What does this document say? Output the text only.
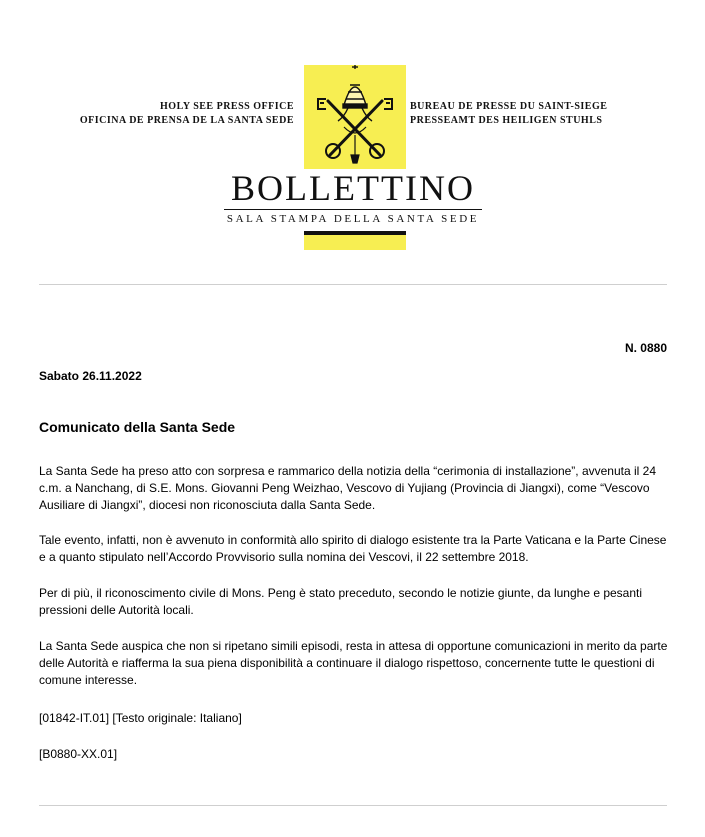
HOLY SEE PRESS OFFICE
OFICINA DE PRENSA DE LA SANTA SEDE
BUREAU DE PRESSE DU SAINT-SIEGE
PRESSEAMT DES HEILIGEN STUHLS
BOLLETTINO
SALA STAMPA DELLA SANTA SEDE
N. 0880
Sabato 26.11.2022
Comunicato della Santa Sede
La Santa Sede ha preso atto con sorpresa e rammarico della notizia della “cerimonia di installazione”, avvenuta il 24 c.m. a Nanchang, di S.E. Mons. Giovanni Peng Weizhao, Vescovo di Yujiang (Provincia di Jiangxi), come “Vescovo Ausiliare di Jiangxi”, diocesi non riconosciuta dalla Santa Sede.
Tale evento, infatti, non è avvenuto in conformità allo spirito di dialogo esistente tra la Parte Vaticana e la Parte Cinese e a quanto stipulato nell’Accordo Provvisorio sulla nomina dei Vescovi, il 22 settembre 2018.
Per di più, il riconoscimento civile di Mons. Peng è stato preceduto, secondo le notizie giunte, da lunghe e pesanti pressioni delle Autorità locali.
La Santa Sede auspica che non si ripetano simili episodi, resta in attesa di opportune comunicazioni in merito da parte delle Autorità e riafferma la sua piena disponibilità a continuare il dialogo rispettoso, concernente tutte le questioni di comune interesse.
[01842-IT.01] [Testo originale: Italiano]
[B0880-XX.01]
